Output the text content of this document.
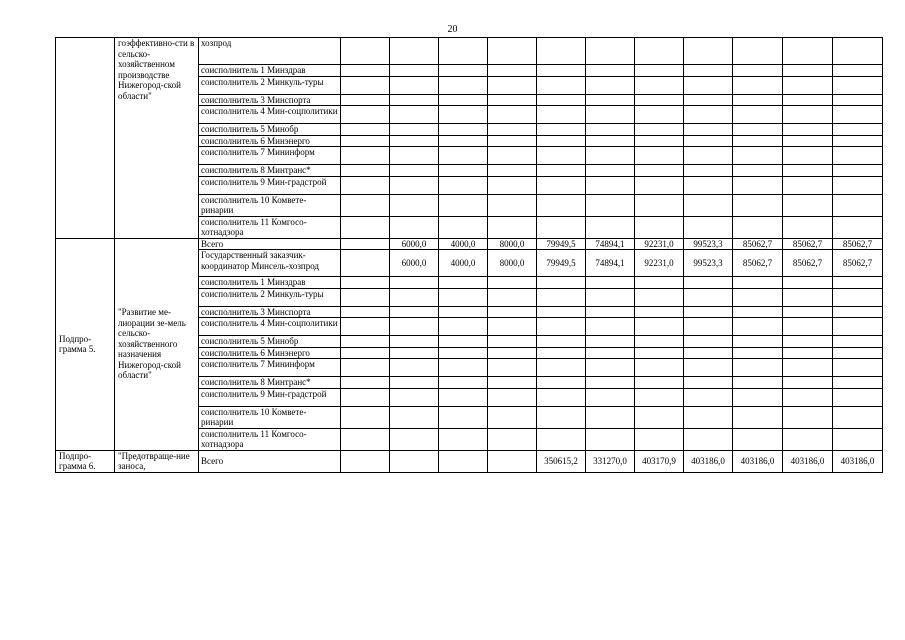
20
	гоэффективно-сти в сельско-хозяйственном производстве Нижегород-ской области"	хозпрод											
		соисполнитель 1 Минздрав											
		соисполнитель 2 Минкуль-туры											
		соисполнитель 3 Минспорта											
		соисполнитель 4 Мин-соцполитики											
		соисполнитель 5 Минобр											
		соисполнитель 6 Минэнерго											
		соисполнитель 7 Мининформ											
		соисполнитель 8 Минтранс*											
		соисполнитель 9 Мин-градстрой											
		соисполнитель 10 Комвете-ринарии											
		соисполнитель 11 Комгосо-хотнадзора											
Подпро-грамма 5.	"Развитие ме-лиорации зе-мель сельско-хозяйственного назначения Нижегород-ской области"	Всего		6000,0	4000,0	8000,0	79949,5	74894,1	92231,0	99523,3	85062,7	85062,7	85062,7
		Государственный заказчик-координатор Минсель-хозпрод		6000,0	4000,0	8000,0	79949,5	74894,1	92231,0	99523,3	85062,7	85062,7	85062,7
		соисполнитель 1 Минздрав											
		соисполнитель 2 Минкуль-туры											
		соисполнитель 3 Минспорта											
		соисполнитель 4 Мин-соцполитики											
		соисполнитель 5 Минобр											
		соисполнитель 6 Минэнерго											
		соисполнитель 7 Мининформ											
		соисполнитель 8 Минтранс*											
		соисполнитель 9 Мин-градстрой											
		соисполнитель 10 Комвете-ринарии											
		соисполнитель 11 Комгосо-хотнадзора											
Подпро-грамма 6.	"Предотвраще-ние заноса,	Всего					350615,2	331270,0	403170,9	403186,0	403186,0	403186,0	403186,0
